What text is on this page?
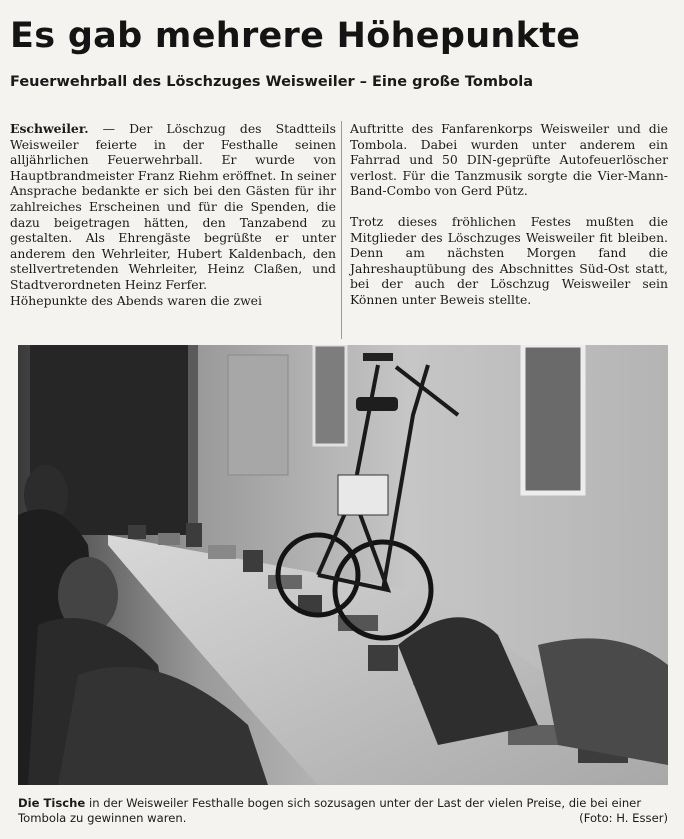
Es gab mehrere Höhepunkte
Feuerwehrball des Löschzuges Weisweiler – Eine große Tombola

Eschweiler. — Der Löschzug des Stadtteils Weisweiler feierte in der Festhalle seinen alljährlichen Feuerwehrball. Er wurde von Hauptbrandmeister Franz Riehm eröffnet. In seiner Ansprache bedankte er sich bei den Gästen für ihr zahlreiches Erscheinen und für die Spenden, die dazu beigetragen hätten, den Tanzabend zu gestalten. Als Ehrengäste begrüßte er unter anderem den Wehrleiter, Hubert Kaldenbach, den stellvertretenden Wehrleiter, Heinz Claßen, und Stadtverordneten Heinz Ferfer.

Höhepunkte des Abends waren die zwei

Auftritte des Fanfarenkorps Weisweiler und die Tombola. Dabei wurden unter anderem ein Fahrrad und 50 DIN-geprüfte Autofeuerlöscher verlost. Für die Tanzmusik sorgte die Vier-Mann-Band-Combo von Gerd Pütz.

Trotz dieses fröhlichen Festes mußten die Mitglieder des Löschzuges Weisweiler fit bleiben. Denn am nächsten Morgen fand die Jahreshauptübung des Abschnittes Süd-Ost statt, bei der auch der Löschzug Weisweiler sein Können unter Beweis stellte.

Die Tische in der Weisweiler Festhalle bogen sich sozusagen unter der Last der vielen Preise, die bei einer Tombola zu gewinnen waren.	(Foto: H. Esser)
